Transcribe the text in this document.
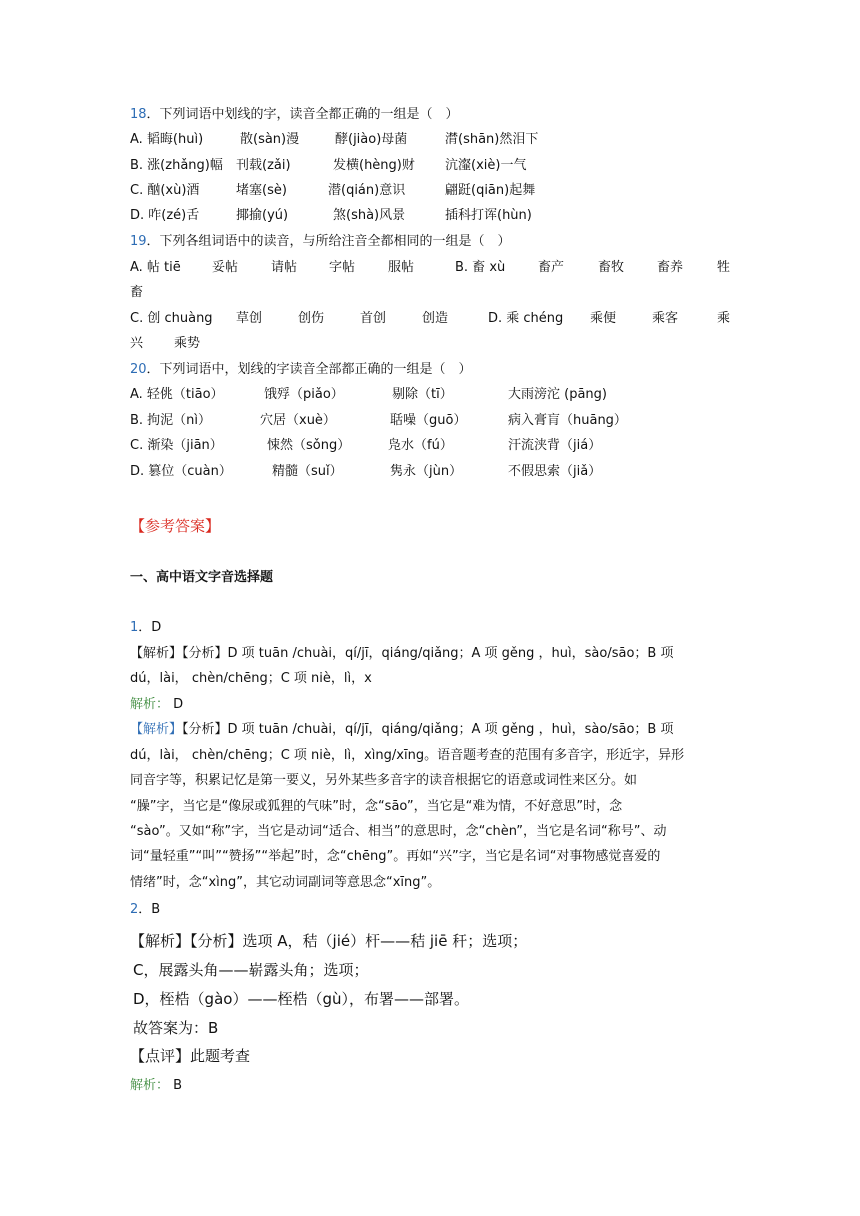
18．下列词语中划线的字，读音全都正确的一组是（　）
A. 韬晦(huì)	散(sàn)漫	酵(jiào)母菌	潸(shān)然泪下
B. 涨(zhǎng)幅 刊载(zǎi)	发横(hèng)财 沆瀣(xiè)一气
C. 酗(xù)酒	堵塞(sè)	潜(qián)意识	翩跹(qiān)起舞
D. 咋(zé)舌	揶揄(yú)	煞(shà)风景	插科打诨(hùn)
19．下列各组词语中的读音，与所给注音全都相同的一组是（　）
A. 帖 tiē 妥帖	请帖 字帖	服帖	B. 畜 xù	畜产	畜牧	畜养	牲
畜
C. 创 chuàng 草创	创伤	首创	创造	D. 乘 chéng 乘便	乘客	乘
兴 乘势
20．下列词语中，划线的字读音全部都正确的一组是（　）
A. 轻佻（tiāo）	饿殍（piǎo）	剔除（tī）	大雨滂沱 (pāng)
B. 拘泥（nì）	穴居（xuè）	聒噪（guō）	病入膏肓（huāng）
C. 渐染（jiān）	悚然（sǒng）	凫水（fú）	汗流浃背（jiá）
D. 篡位（cuàn）	精髓（suǐ）	隽永（jùn）	不假思索（jiǎ）
【参考答案】
一、高中语文字音选择题
1．D
【解析】【分析】D 项 tuān /chuài，qí/jī，qiáng/qiǎng；A 项 gěng ，huì，sào/sāo；B 项
dú，lài， chèn/chēng；C 项 niè，lì，x
解析： D
【解析】【分析】D 项 tuān /chuài，qí/jī，qiáng/qiǎng；A 项 gěng ，huì，sào/sāo；B 项
dú，lài， chèn/chēng；C 项 niè，lì，xìng/xīng。语音题考查的范围有多音字，形近字，异形
同音字等，积累记忆是第一要义，另外某些多音字的读音根据它的语意或词性来区分。如
“臊”字，当它是“像尿或狐狸的气味”时，念“sāo”，当它是“难为情，不好意思”时，念
“sào”。又如“称”字，当它是动词“适合、相当”的意思时，念“chèn”，当它是名词“称号”、动
词“量轻重”“叫”“赞扬”“举起”时，念“chēng”。再如“兴”字，当它是名词“对事物感觉喜爱的
情绪”时，念“xìng”，其它动词副词等意思念“xīng”。
2．B
【解析】【分析】选项 A，秸（jié）杆——秸 jiē 秆；选项；
C，展露头角——崭露头角；选项；
D，桎梏（gào）——桎梏（gù），布署——部署。
故答案为：B
【点评】此题考查
解析： B
